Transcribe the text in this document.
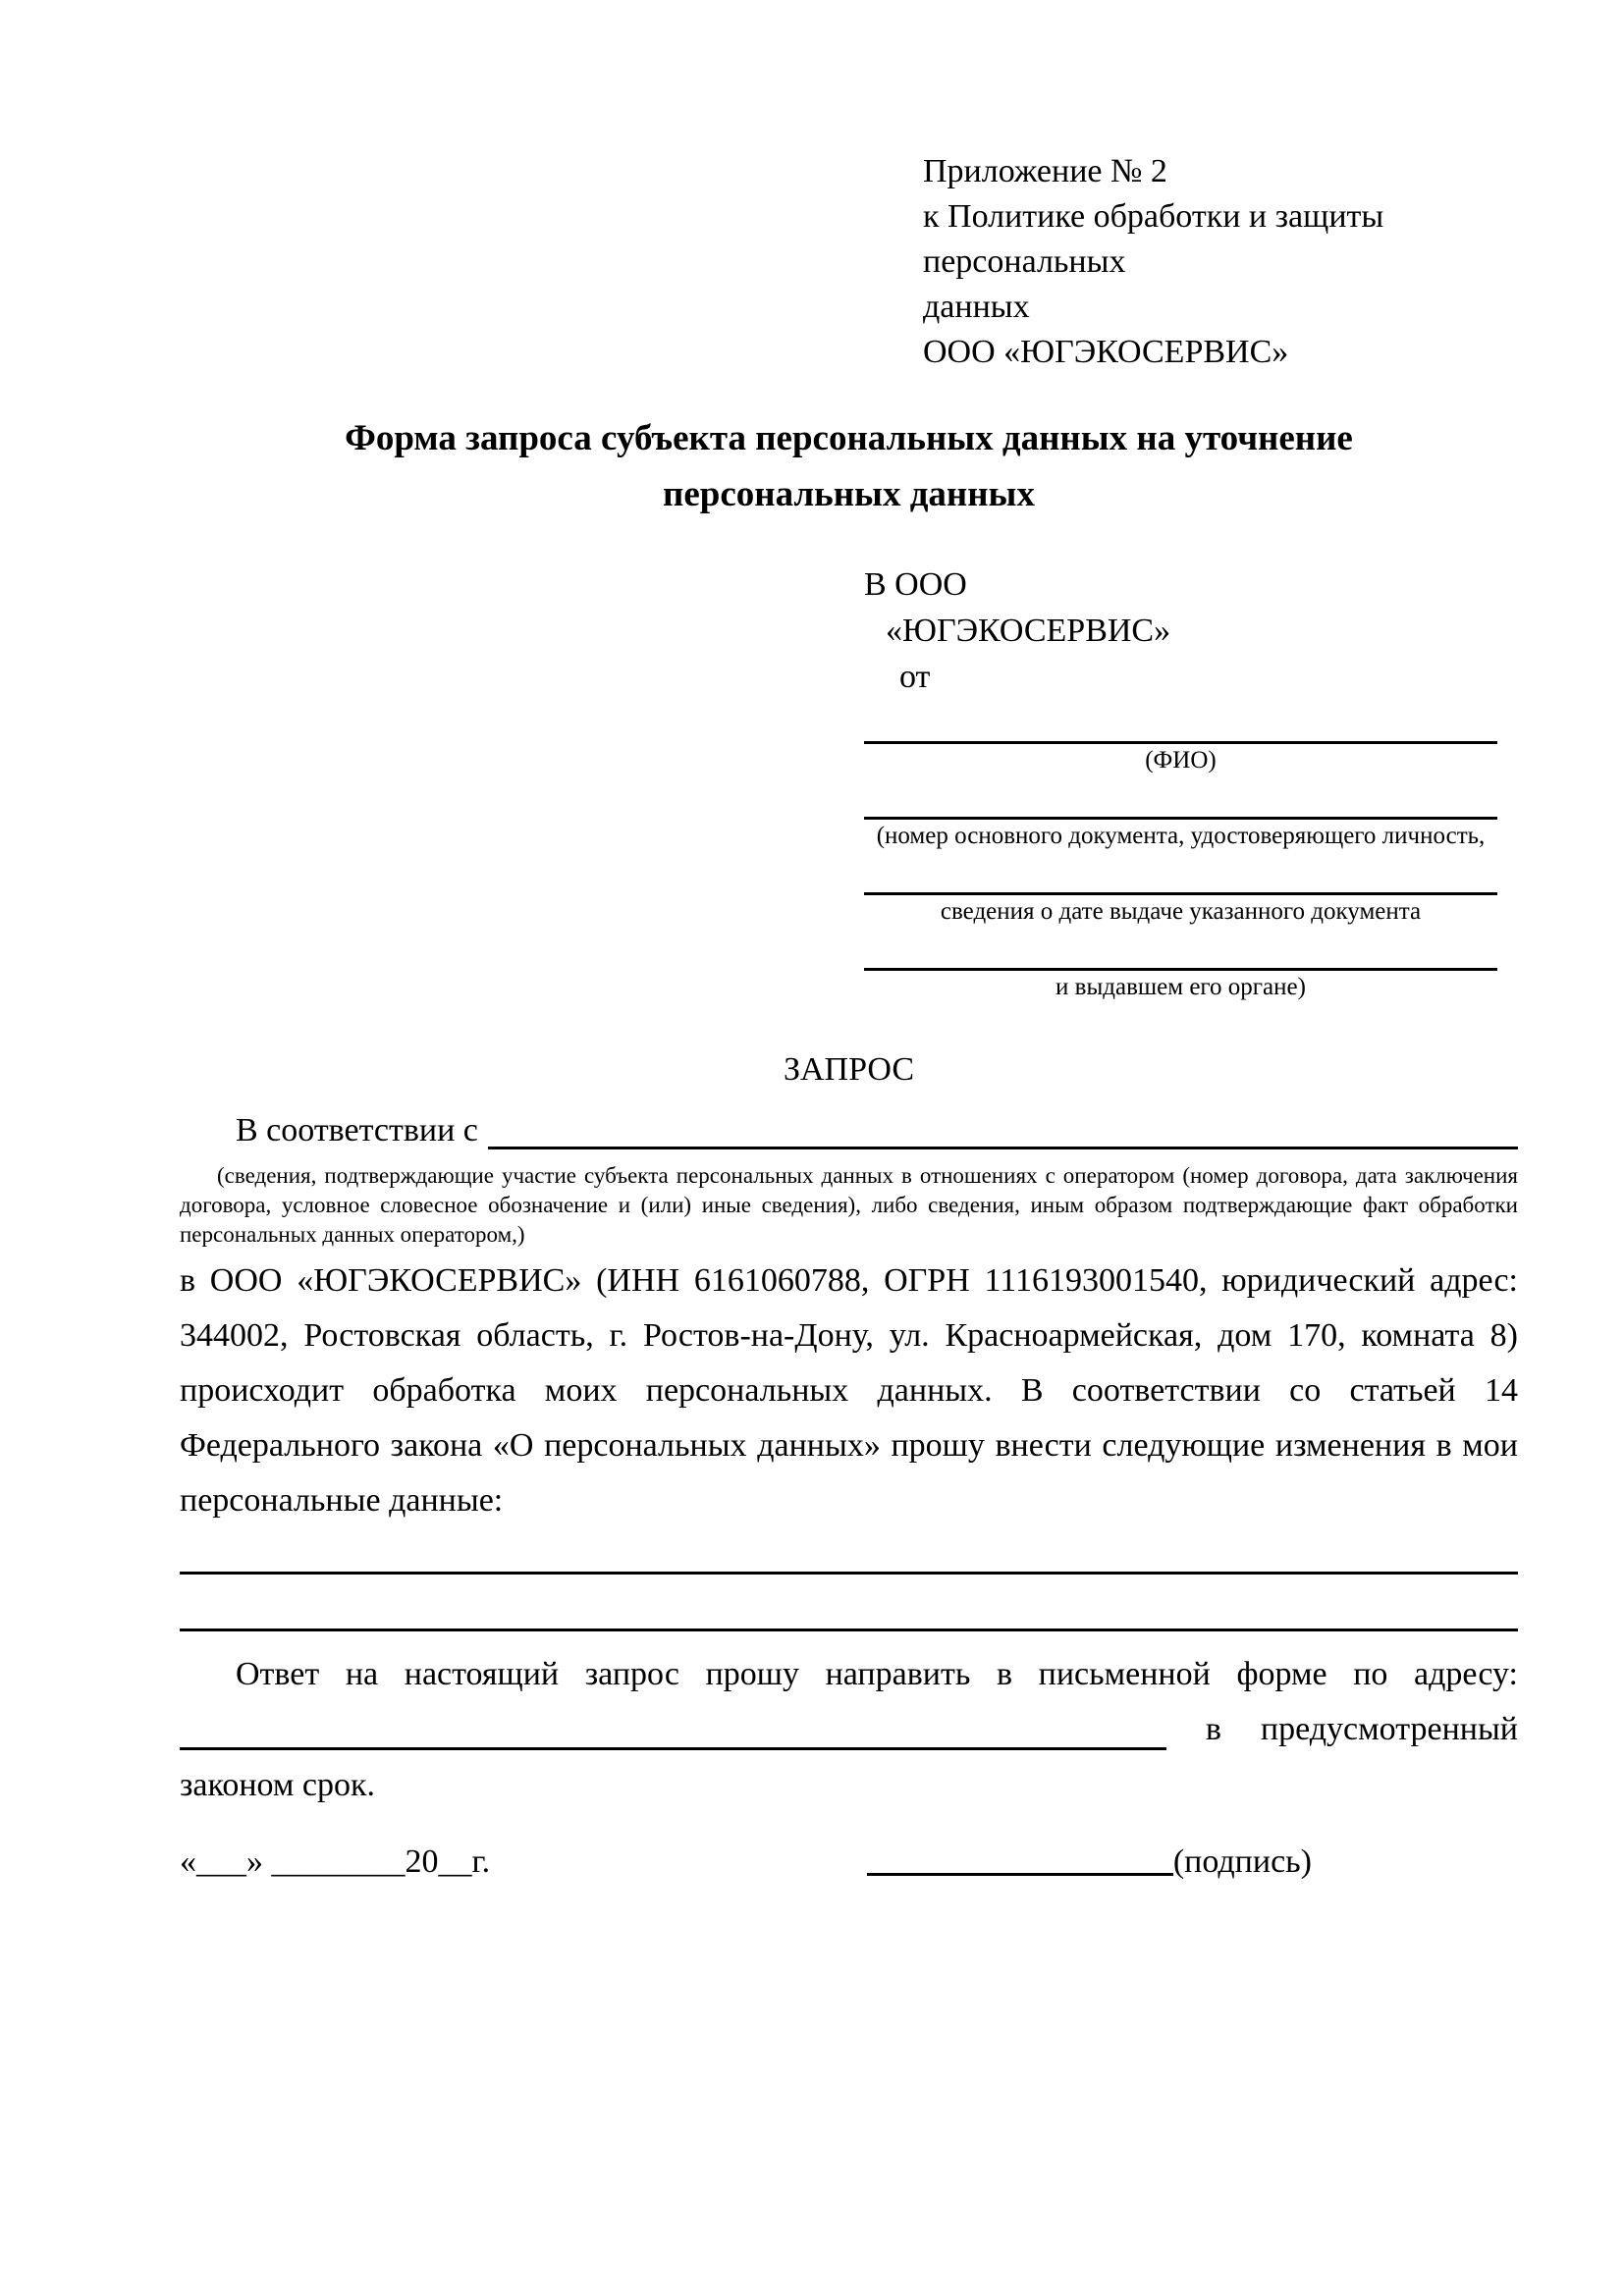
Приложение № 2
к Политике обработки и защиты персональных
данных
ООО «ЮГЭКОСЕРВИС»
Форма запроса субъекта персональных данных на уточнение
персональных данных
В ООО
«ЮГЭКОСЕРВИС»
от
(ФИО)
(номер основного документа, удостоверяющего личность,
сведения о дате выдаче указанного документа
и выдавшем его органе)
ЗАПРОС
В соответствии с
(сведения, подтверждающие участие субъекта персональных данных в отношениях с оператором (номер договора, дата заключения договора, условное словесное обозначение и (или) иные сведения), либо сведения, иным образом подтверждающие факт обработки персональных данных оператором,)
в ООО «ЮГЭКОСЕРВИС» (ИНН 6161060788, ОГРН 1116193001540, юридический адрес: 344002, Ростовская область, г. Ростов-на-Дону, ул. Красноармейская, дом 170, комната 8) происходит обработка моих персональных данных. В соответствии со статьей 14 Федерального закона «О персональных данных» прошу внести следующие изменения в мои персональные данные:
Ответ на настоящий запрос прошу направить в письменной форме по адресу:
в предусмотренный
законом срок.
«___» ________20__г.	(подпись)
